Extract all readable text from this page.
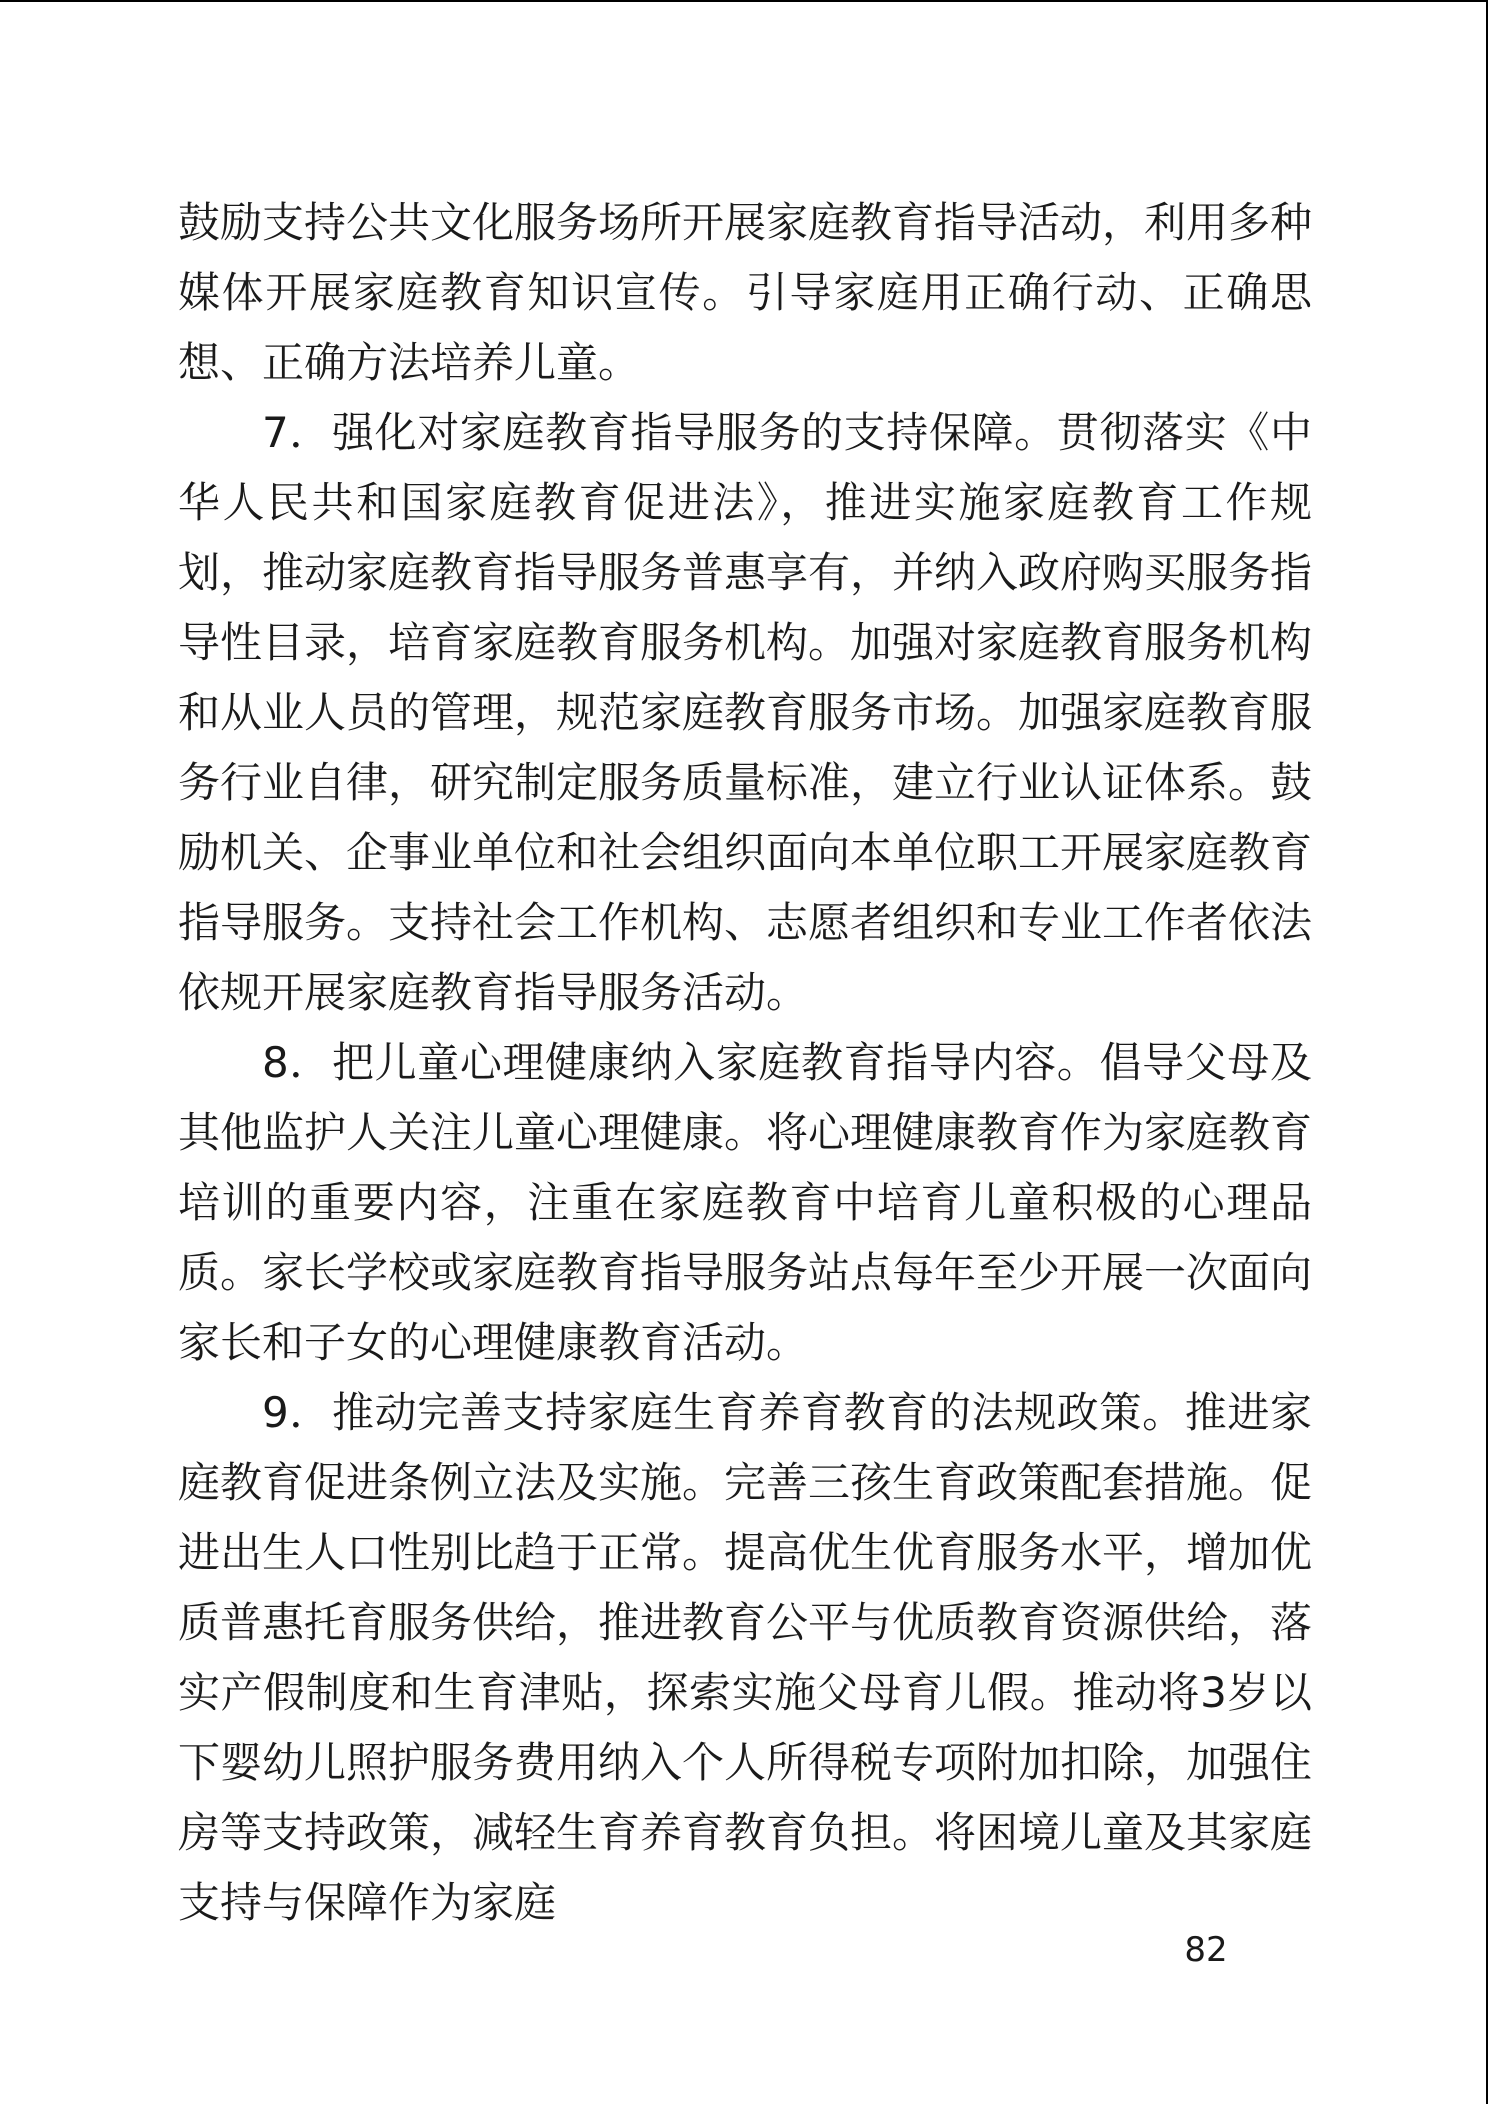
鼓励支持公共文化服务场所开展家庭教育指导活动，利用多种媒体开展家庭教育知识宣传。引导家庭用正确行动、正确思想、正确方法培养儿童。

7．强化对家庭教育指导服务的支持保障。贯彻落实《中华人民共和国家庭教育促进法》，推进实施家庭教育工作规划，推动家庭教育指导服务普惠享有，并纳入政府购买服务指导性目录，培育家庭教育服务机构。加强对家庭教育服务机构和从业人员的管理，规范家庭教育服务市场。加强家庭教育服务行业自律，研究制定服务质量标准，建立行业认证体系。鼓励机关、企事业单位和社会组织面向本单位职工开展家庭教育指导服务。支持社会工作机构、志愿者组织和专业工作者依法依规开展家庭教育指导服务活动。

8．把儿童心理健康纳入家庭教育指导内容。倡导父母及其他监护人关注儿童心理健康。将心理健康教育作为家庭教育培训的重要内容，注重在家庭教育中培育儿童积极的心理品质。家长学校或家庭教育指导服务站点每年至少开展一次面向家长和子女的心理健康教育活动。

9．推动完善支持家庭生育养育教育的法规政策。推进家庭教育促进条例立法及实施。完善三孩生育政策配套措施。促进出生人口性别比趋于正常。提高优生优育服务水平，增加优质普惠托育服务供给，推进教育公平与优质教育资源供给，落实产假制度和生育津贴，探索实施父母育儿假。推动将3岁以下婴幼儿照护服务费用纳入个人所得税专项附加扣除，加强住房等支持政策，减轻生育养育教育负担。将困境儿童及其家庭支持与保障作为家庭

82
